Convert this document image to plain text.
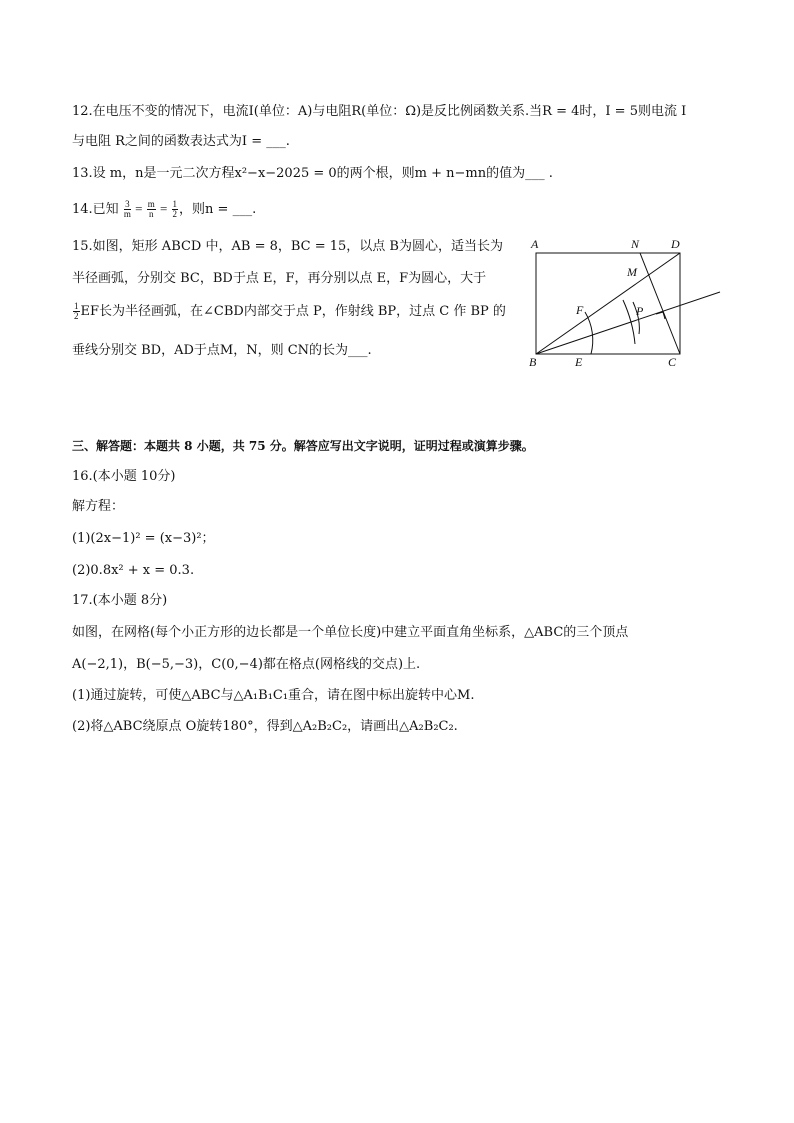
12.在电压不变的情况下，电流I(单位：A)与电阻R(单位：Ω)是反比例函数关系.当R = 4时，I = 5则电流 I
与电阻 R之间的函数表达式为I = ___.
13.设 m，n是一元二次方程x²−x−2025 = 0的两个根，则m + n−mn的值为___ .
14.已知 $\frac{3}{m} = \frac{m}{n} = \frac{1}{2}$ ，则n = ___.
15.如图，矩形 ABCD 中，AB = 8，BC = 15，以点 B为圆心，适当长为
半径画弧，分别交 BC，BD于点 E，F，再分别以点 E，F为圆心，大于
$\frac{1}{2}$ EF长为半径画弧，在∠CBD内部交于点 P，作射线 BP，过点 C 作 BP 的
垂线分别交 BD，AD于点M，N，则 CN的长为___.
A	N	D
M
F	P
B	E	C
三、解答题：本题共 8 小题，共 75 分。解答应写出文字说明，证明过程或演算步骤。
16.(本小题 10分)
解方程：
(1)(2x−1)² = (x−3)²；
(2)0.8x² + x = 0.3.
17.(本小题 8分)
如图，在网格(每个小正方形的边长都是一个单位长度)中建立平面直角坐标系，△ABC的三个顶点
A(−2,1)，B(−5,−3)，C(0,−4)都在格点(网格线的交点)上.
(1)通过旋转，可使△ABC与△A₁B₁C₁重合，请在图中标出旋转中心M.
(2)将△ABC绕原点 O旋转180°，得到△A₂B₂C₂，请画出△A₂B₂C₂.
